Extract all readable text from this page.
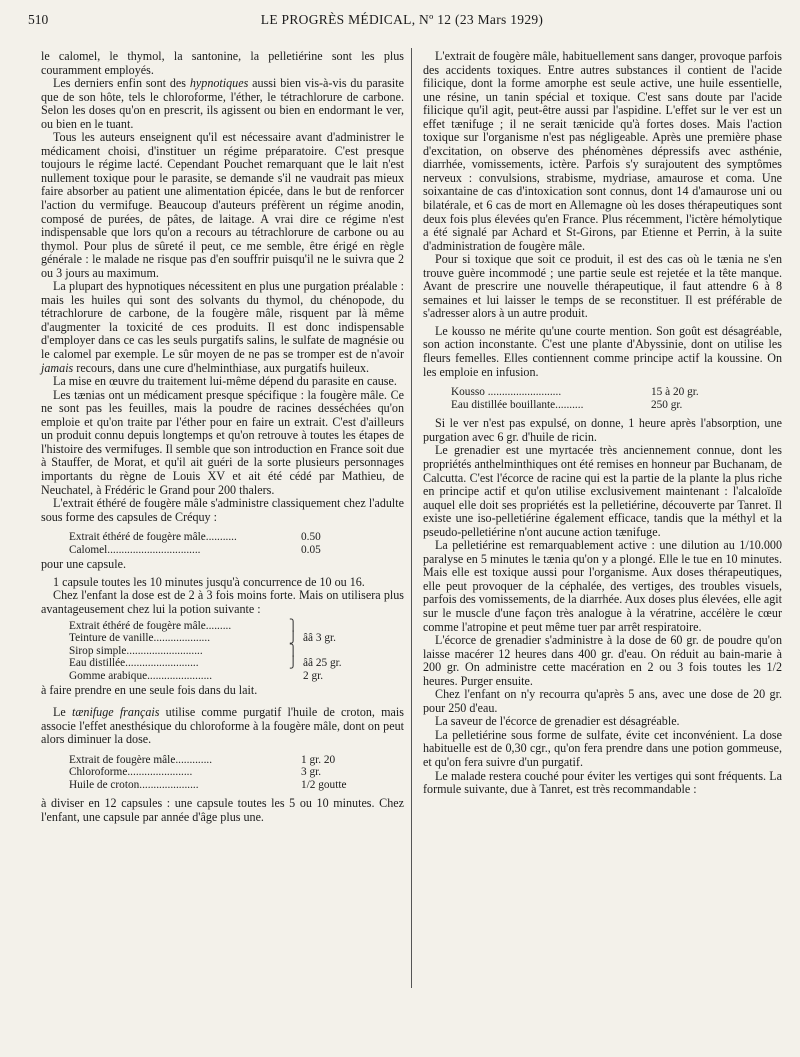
510	LE PROGRÈS MÉDICAL, Nº 12 (23 Mars 1929)

le calomel, le thymol, la santonine, la pelletiérine sont les plus couramment employés.

Les derniers enfin sont des hypnotiques aussi bien vis-à-vis du parasite que de son hôte, tels le chloroforme, l'éther, le tétrachlorure de carbone. Selon les doses qu'on en prescrit, ils agissent ou bien en endormant le ver, ou bien en le tuant.

Tous les auteurs enseignent qu'il est nécessaire avant d'administrer le médicament choisi, d'instituer un régime préparatoire. C'est presque toujours le régime lacté. Cependant Pouchet remarquant que le lait n'est nullement toxique pour le parasite, se demande s'il ne vaudrait pas mieux faire absorber au patient une alimentation épicée, dans le but de renforcer l'action du vermifuge. Beaucoup d'auteurs préfèrent un régime anodin, composé de purées, de pâtes, de laitage. A vrai dire ce régime n'est indispensable que lors qu'on a recours au tétrachlorure de carbone ou au thymol. Pour plus de sûreté il peut, ce me semble, être érigé en règle générale : le malade ne risque pas d'en souffrir puisqu'il ne le suivra que 2 ou 3 jours au maximum.

La plupart des hypnotiques nécessitent en plus une purgation préalable : mais les huiles qui sont des solvants du thymol, du chénopode, du tétrachlorure de carbone, de la fougère mâle, risquent par là même d'augmenter la toxicité de ces produits. Il est donc indispensable d'employer dans ce cas les seuls purgatifs salins, le sulfate de magnésie ou le calomel par exemple. Le sûr moyen de ne pas se tromper est de n'avoir jamais recours, dans une cure d'helminthiase, aux purgatifs huileux.

La mise en œuvre du traitement lui-même dépend du parasite en cause.

Les tænias ont un médicament presque spécifique : la fougère mâle. Ce ne sont pas les feuilles, mais la poudre de racines desséchées qu'on emploie et qu'on traite par l'éther pour en faire un extrait. C'est d'ailleurs un produit connu depuis longtemps et qu'on retrouve à toutes les étapes de l'histoire des vermifuges. Il semble que son introduction en France soit due à Stauffer, de Morat, et qu'il ait guéri de la sorte plusieurs personnages importants du règne de Louis XV et ait été cédé par Mathieu, de Neuchatel, à Frédéric le Grand pour 200 thalers.

L'extrait éthéré de fougère mâle s'administre classiquement chez l'adulte sous forme des capsules de Créquy :

Extrait éthéré de fougère mâle...........	0.50
Calomel.................................	0.05

pour une capsule.

1 capsule toutes les 10 minutes jusqu'à concurrence de 10 ou 16.

Chez l'enfant la dose est de 2 à 3 fois moins forte. Mais on utilisera plus avantageusement chez lui la potion suivante :

Extrait éthéré de fougère mâle.........	⎫	
Teinture de vanille....................	⎭	ââ 3 gr.
Sirop simple...........................	⎫	
Eau distillée..........................	⎭	ââ 25 gr.
Gomme arabique.......................		2 gr.

à faire prendre en une seule fois dans du lait.

Le tænifuge français utilise comme purgatif l'huile de croton, mais associe l'effet anesthésique du chloroforme à la fougère mâle, dont on peut alors diminuer la dose.

Extrait de fougère mâle.............	1 gr. 20
Chloroforme.......................	3 gr.
Huile de croton.....................	1/2 goutte

à diviser en 12 capsules : une capsule toutes les 5 ou 10 minutes. Chez l'enfant, une capsule par année d'âge plus une.

L'extrait de fougère mâle, habituellement sans danger, provoque parfois des accidents toxiques. Entre autres substances il contient de l'acide filicique, dont la forme amorphe est seule active, une huile essentielle, une résine, un tanin spécial et toxique. C'est sans doute par l'acide filicique qu'il agit, peut-être aussi par l'aspidine. L'effet sur le ver est un effet tænifuge ; il ne serait tænicide qu'à fortes doses. Mais l'action toxique sur l'organisme n'est pas négligeable. Après une première phase d'excitation, on observe des phénomènes dépressifs avec asthénie, diarrhée, vomissements, ictère. Parfois s'y surajoutent des symptômes nerveux : convulsions, strabisme, mydriase, amaurose et coma. Une soixantaine de cas d'intoxication sont connus, dont 14 d'amaurose uni ou bilatérale, et 6 cas de mort en Allemagne où les doses thérapeutiques sont deux fois plus élevées qu'en France. Plus récemment, l'ictère hémolytique a été signalé par Achard et St-Girons, par Etienne et Perrin, à la suite d'administration de fougère mâle.

Pour si toxique que soit ce produit, il est des cas où le tænia ne s'en trouve guère incommodé ; une partie seule est rejetée et la tête manque. Avant de prescrire une nouvelle thérapeutique, il faut attendre 6 à 8 semaines et lui laisser le temps de se reconstituer. Il est préférable de s'adresser alors à un autre produit.

Le kousso ne mérite qu'une courte mention. Son goût est désagréable, son action inconstante. C'est une plante d'Abyssinie, dont on utilise les fleurs femelles. Elles contiennent comme principe actif la koussine. On les emploie en infusion.

Kousso ..........................	15 à 20 gr.
Eau distillée bouillante..........	250 gr.

Si le ver n'est pas expulsé, on donne, 1 heure après l'absorption, une purgation avec 6 gr. d'huile de ricin.

Le grenadier est une myrtacée très anciennement connue, dont les propriétés anthelminthiques ont été remises en honneur par Buchanam, de Calcutta. C'est l'écorce de racine qui est la partie de la plante la plus riche en principe actif et qu'on utilise exclusivement maintenant : l'alcaloïde auquel elle doit ses propriétés est la pelletiérine, découverte par Tanret. Il existe une iso-pelletiérine également efficace, tandis que la méthyl et la pseudo-pelletiérine n'ont aucune action tænifuge.

La pelletiérine est remarquablement active : une dilution au 1/10.000 paralyse en 5 minutes le tænia qu'on y a plongé. Elle le tue en 10 minutes. Mais elle est toxique aussi pour l'organisme. Aux doses thérapeutiques, elle peut provoquer de la céphalée, des vertiges, des troubles visuels, parfois des vomissements, de la diarrhée. Aux doses plus élevées, elle agit sur le muscle d'une façon très analogue à la vératrine, accélère le cœur comme l'atropine et peut même tuer par arrêt respiratoire.

L'écorce de grenadier s'administre à la dose de 60 gr. de poudre qu'on laisse macérer 12 heures dans 400 gr. d'eau. On réduit au bain-marie à 200 gr. On administre cette macération en 2 ou 3 fois toutes les 1/2 heures. Purger ensuite.

Chez l'enfant on n'y recourra qu'après 5 ans, avec une dose de 20 gr. pour 250 d'eau.

La saveur de l'écorce de grenadier est désagréable.

La pelletiérine sous forme de sulfate, évite cet inconvénient. La dose habituelle est de 0,30 cgr., qu'on fera prendre dans une potion gommeuse, et qu'on fera suivre d'un purgatif.

Le malade restera couché pour éviter les vertiges qui sont fréquents. La formule suivante, due à Tanret, est très recommandable :
